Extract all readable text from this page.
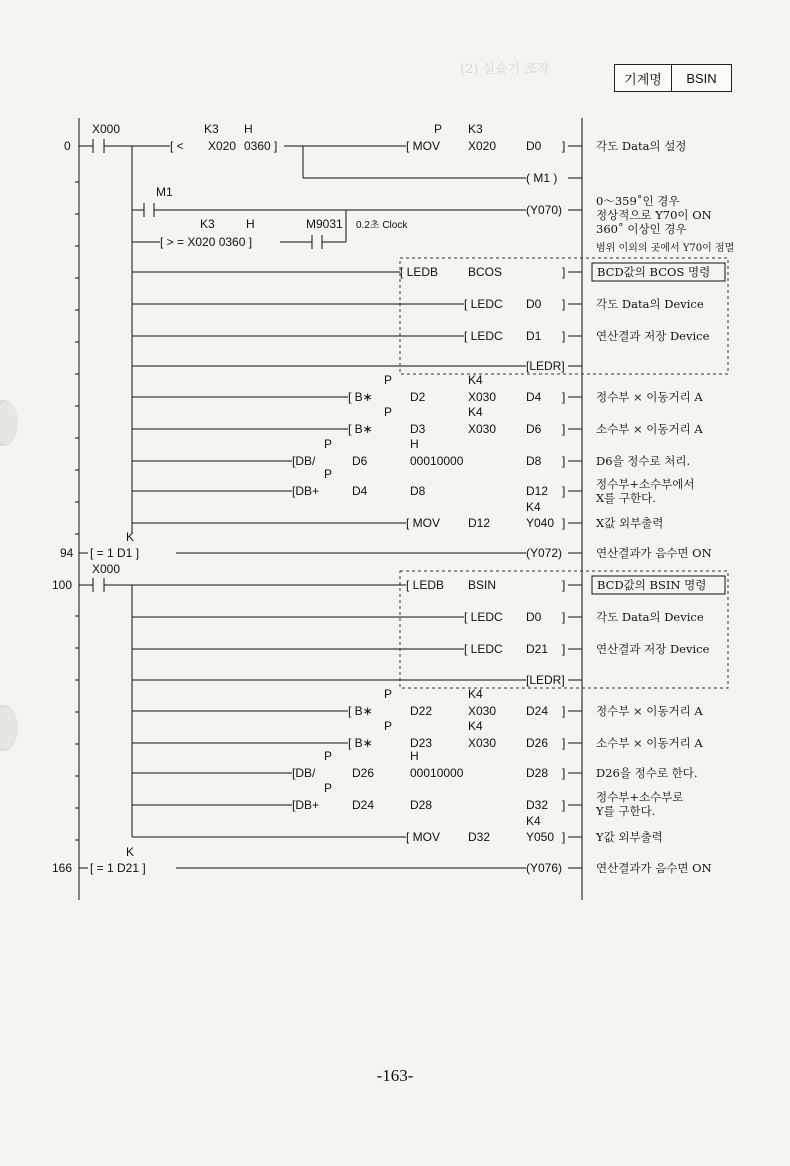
(2) 실습기 조작
기계명	BSIN
0
94
100
166
X000	K3 H
[ < X020 0360 ]
P K3
[ MOV X020 D0 ]
( M1 )
M1
(Y070)
K3	H	M9031 0.2초 Clock
[ > = X020 0360 ]
[ LEDB BCOS	]
[ LEDC D0 ]
[ LEDC D1 ]
[LEDR]
P	K4
[ B∗	D2	X030 D4 ]
P	K4
[ B∗	D3	X030 D6 ]
P	H
[DB/	D6	00010000	D8 ]
P
[DB+	D4	D8	D12 ]
K4
[ MOV D12	Y040 ]
K
[ = 1 D1 ]	(Y072)
X000
[ LEDB BSIN	]
[ LEDC D0 ]
[ LEDC D21 ]
[LEDR]
P	K4
[ B∗	D22	X030 D24 ]
P	K4
[ B∗	D23	X030 D26 ]
P	H
[DB/	D26	00010000	D28 ]
P
[DB+	D24	D28	D32 ]
K4
[ MOV D32	Y050 ]
K
[ = 1 D21 ]	(Y076)
각도 Data의 설정
0～359˚인 경우
정상적으로 Y70이 ON
360˚ 이상인 경우
범위 이외의 곳에서 Y70이 점멸
BCD값의 BCOS 명령
각도 Data의 Device
연산결과 저장 Device
정수부 × 이동거리 A
소수부 × 이동거리 A
D6을 정수로 처리.
정수부+소수부에서
X를 구한다.
X값 외부출력
연산결과가 음수면 ON
BCD값의 BSIN 명령
각도 Data의 Device
연산결과 저장 Device
정수부 × 이동거리 A
소수부 × 이동거리 A
D26을 정수로 한다.
정수부+소수부로
Y를 구한다.
Y값 외부출력
연산결과가 음수면 ON
-163-
